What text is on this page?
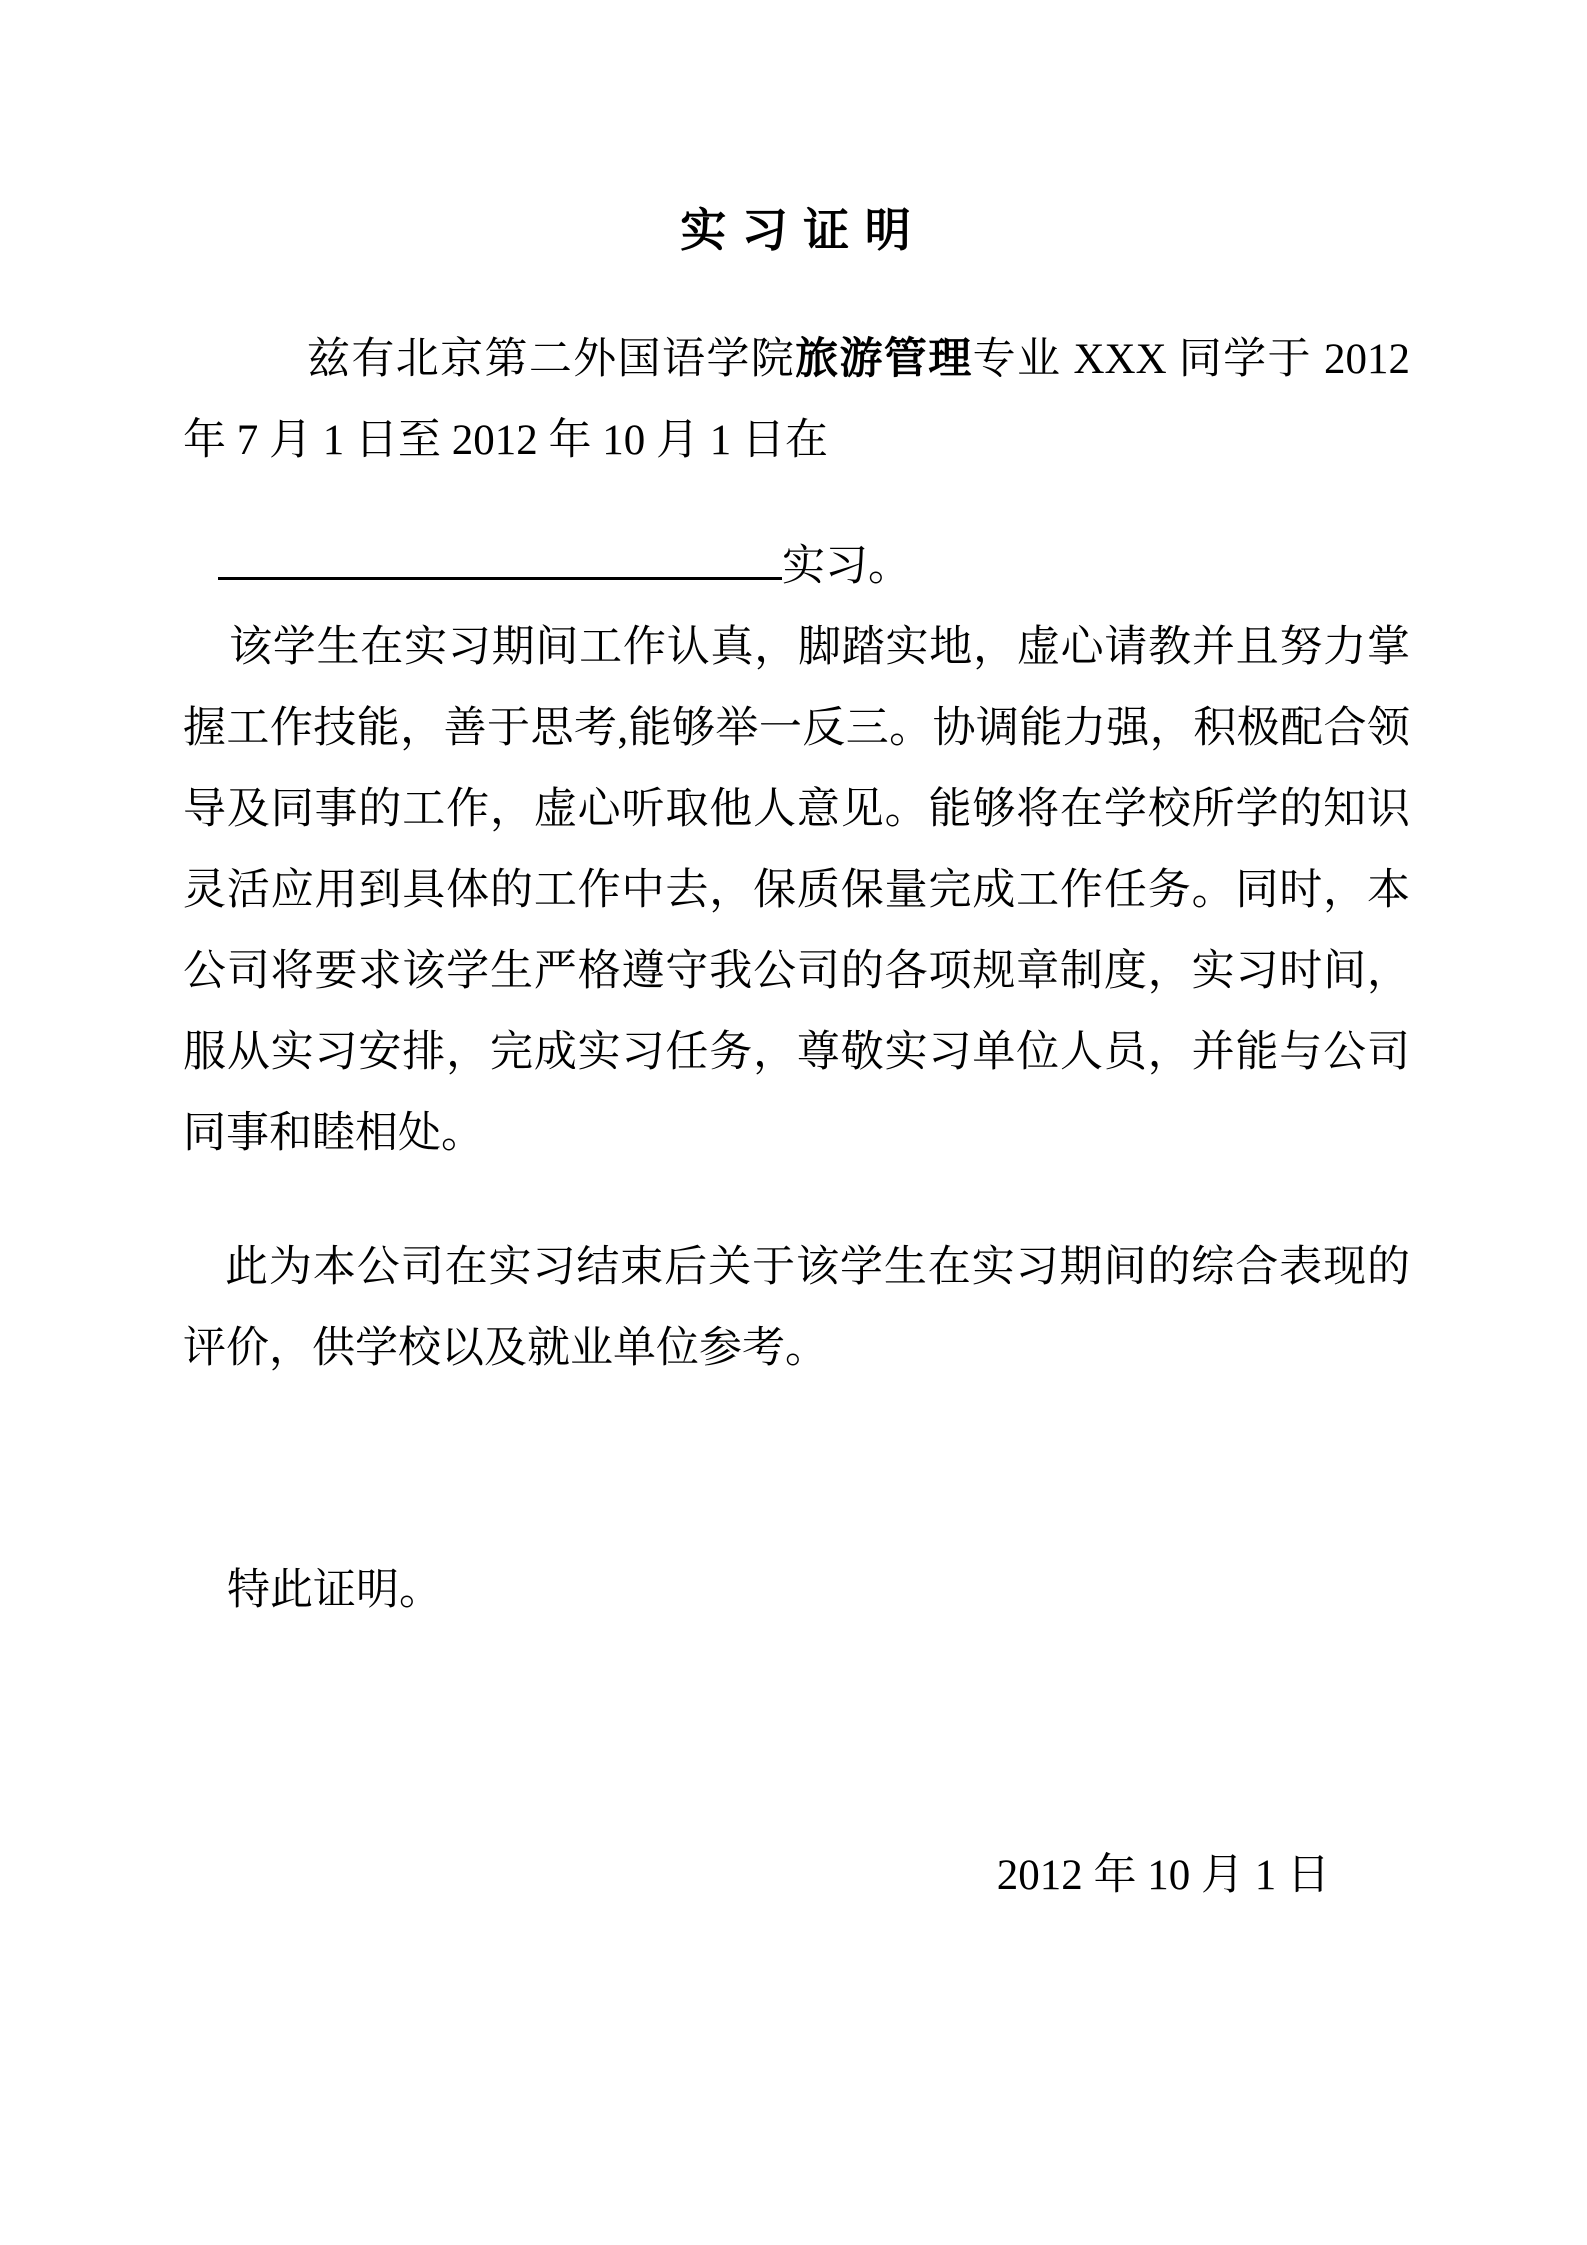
实 习 证 明

兹有北京第二外国语学院旅游管理专业 XXX 同学于 2012 年 7 月 1 日至 2012 年 10 月 1 日在

实习。

该学生在实习期间工作认真，脚踏实地，虚心请教并且努力掌握工作技能，善于思考,能够举一反三。协调能力强，积极配合领导及同事的工作，虚心听取他人意见。能够将在学校所学的知识灵活应用到具体的工作中去，保质保量完成工作任务。同时，本公司将要求该学生严格遵守我公司的各项规章制度，实习时间，服从实习安排，完成实习任务，尊敬实习单位人员，并能与公司同事和睦相处。

此为本公司在实习结束后关于该学生在实习期间的综合表现的评价，供学校以及就业单位参考。

特此证明。

2012 年 10 月 1 日
